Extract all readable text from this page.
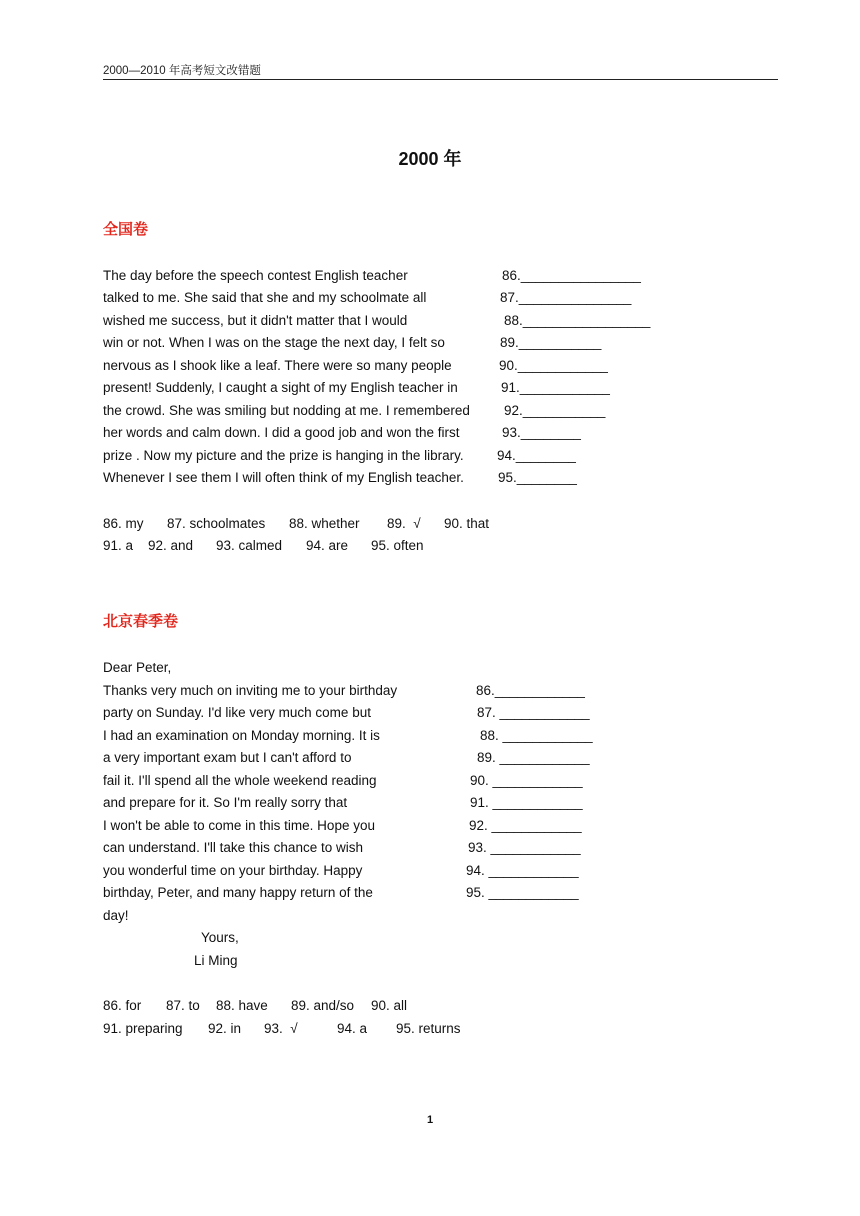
2000—2010 年高考短文改错题
2000 年
全国卷
The day before the speech contest English teacher	86.________________
talked to me. She said that she and my schoolmate all	87._______________
wished me success, but it didn't matter that I would	88._________________
win or not. When I was on the stage the next day, I felt so	89.___________
nervous as I shook like a leaf. There were so many people	90.____________
present! Suddenly, I caught a sight of my English teacher in	91.____________
the crowd. She was smiling but nodding at me. I remembered	92.___________
her words and calm down. I did a good job and won the first	93.________
prize . Now my picture and the prize is hanging in the library. 94.________
Whenever I see them I will often think of my English teacher.	95.________
86. my 87. schoolmates 88. whether 89.  √ 90. that
91. a 92. and 93. calmed 94. are 95. often
北京春季卷
Dear Peter,
Thanks very much on inviting me to your birthday	86.____________
party on Sunday. I'd like very much come but	87. ____________
I had an examination on Monday morning. It is	88. ____________
a very important exam but I can't afford to	89. ____________
fail it. I'll spend all the whole weekend reading	90. ____________
and prepare for it. So I'm really sorry that	91. ____________
I won't be able to come in this time. Hope you	92. ____________
can understand. I'll take this chance to wish	93. ____________
you wonderful time on your birthday. Happy	94. ____________
birthday, Peter, and many happy return of the	95. ____________
day!
Yours,
Li Ming
86. for 87. to 88. have 89. and/so 90. all
91. preparing 92. in 93.  √	94. a 95. returns
1
